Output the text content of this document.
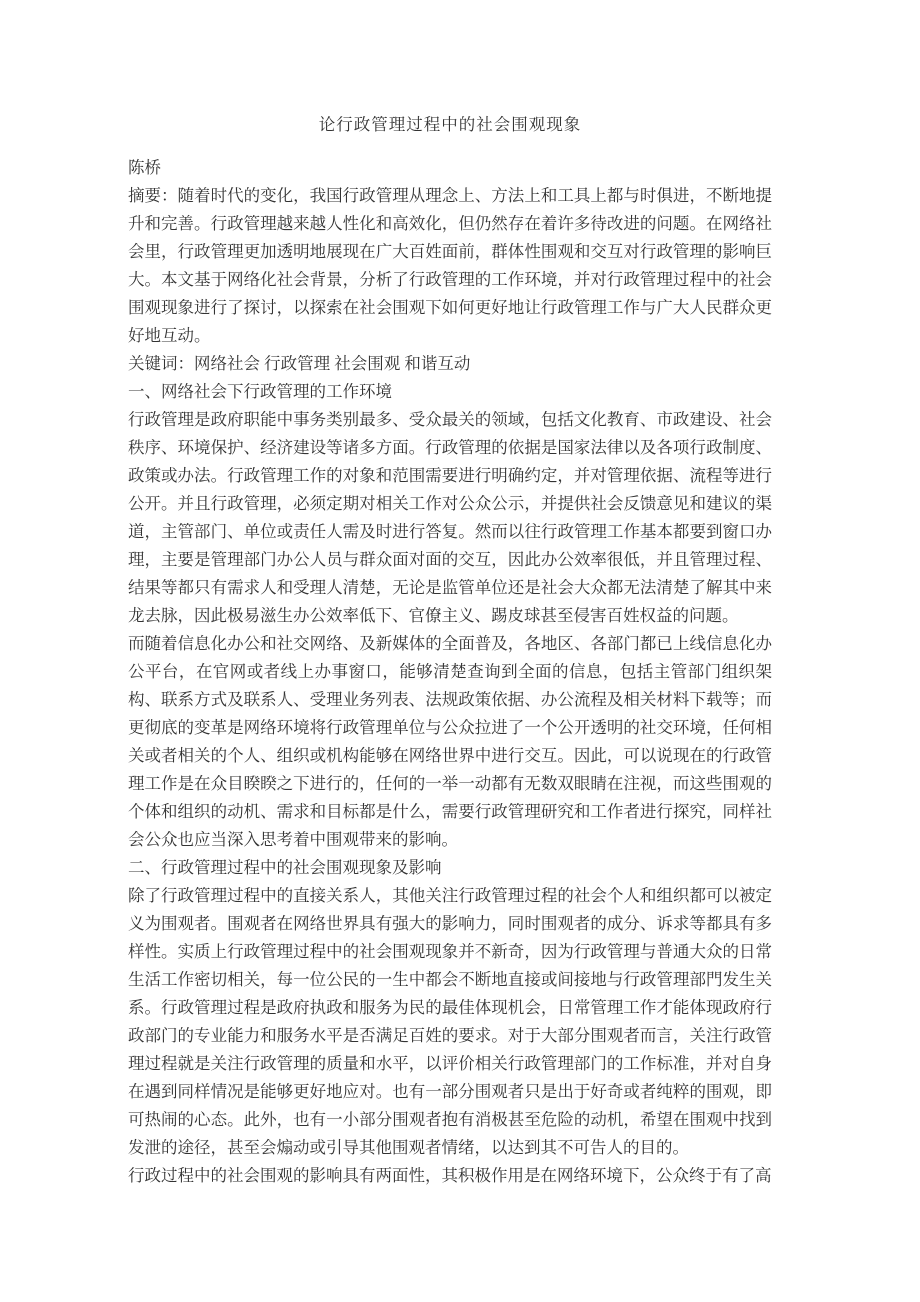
论行政管理过程中的社会围观现象

陈桥

摘要：随着时代的变化，我国行政管理从理念上、方法上和工具上都与时俱进，不断地提升和完善。行政管理越来越人性化和高效化，但仍然存在着许多待改进的问题。在网络社会里，行政管理更加透明地展现在广大百姓面前，群体性围观和交互对行政管理的影响巨大。本文基于网络化社会背景，分析了行政管理的工作环境，并对行政管理过程中的社会围观现象进行了探讨，以探索在社会围观下如何更好地让行政管理工作与广大人民群众更好地互动。

关键词：网络社会 行政管理 社会围观 和谐互动

一、网络社会下行政管理的工作环境

行政管理是政府职能中事务类别最多、受众最关的领域，包括文化教育、市政建设、社会秩序、环境保护、经济建设等诸多方面。行政管理的依据是国家法律以及各项行政制度、政策或办法。行政管理工作的对象和范围需要进行明确约定，并对管理依据、流程等进行公开。并且行政管理，必须定期对相关工作对公众公示，并提供社会反馈意见和建议的渠道，主管部门、单位或责任人需及时进行答复。然而以往行政管理工作基本都要到窗口办理，主要是管理部门办公人员与群众面对面的交互，因此办公效率很低，并且管理过程、结果等都只有需求人和受理人清楚，无论是监管单位还是社会大众都无法清楚了解其中来龙去脉，因此极易滋生办公效率低下、官僚主义、踢皮球甚至侵害百姓权益的问题。

而随着信息化办公和社交网络、及新媒体的全面普及，各地区、各部门都已上线信息化办公平台，在官网或者线上办事窗口，能够清楚查询到全面的信息，包括主管部门组织架构、联系方式及联系人、受理业务列表、法规政策依据、办公流程及相关材料下载等；而更彻底的变革是网络环境将行政管理单位与公众拉进了一个公开透明的社交环境，任何相关或者相关的个人、组织或机构能够在网络世界中进行交互。因此，可以说现在的行政管理工作是在众目睽睽之下进行的，任何的一举一动都有无数双眼睛在注视，而这些围观的个体和组织的动机、需求和目标都是什么，需要行政管理研究和工作者进行探究，同样社会公众也应当深入思考着中围观带来的影响。

二、行政管理过程中的社会围观现象及影响

除了行政管理过程中的直接关系人，其他关注行政管理过程的社会个人和组织都可以被定义为围观者。围观者在网络世界具有强大的影响力，同时围观者的成分、诉求等都具有多样性。实质上行政管理过程中的社会围观现象并不新奇，因为行政管理与普通大众的日常生活工作密切相关，每一位公民的一生中都会不断地直接或间接地与行政管理部門发生关系。行政管理过程是政府执政和服务为民的最佳体现机会，日常管理工作才能体现政府行政部门的专业能力和服务水平是否满足百姓的要求。对于大部分围观者而言，关注行政管理过程就是关注行政管理的质量和水平，以评价相关行政管理部门的工作标准，并对自身在遇到同样情况是能够更好地应对。也有一部分围观者只是出于好奇或者纯粹的围观，即可热闹的心态。此外，也有一小部分围观者抱有消极甚至危险的动机，希望在围观中找到发泄的途径，甚至会煽动或引导其他围观者情绪，以达到其不可告人的目的。

行政过程中的社会围观的影响具有两面性，其积极作用是在网络环境下，公众终于有了高
